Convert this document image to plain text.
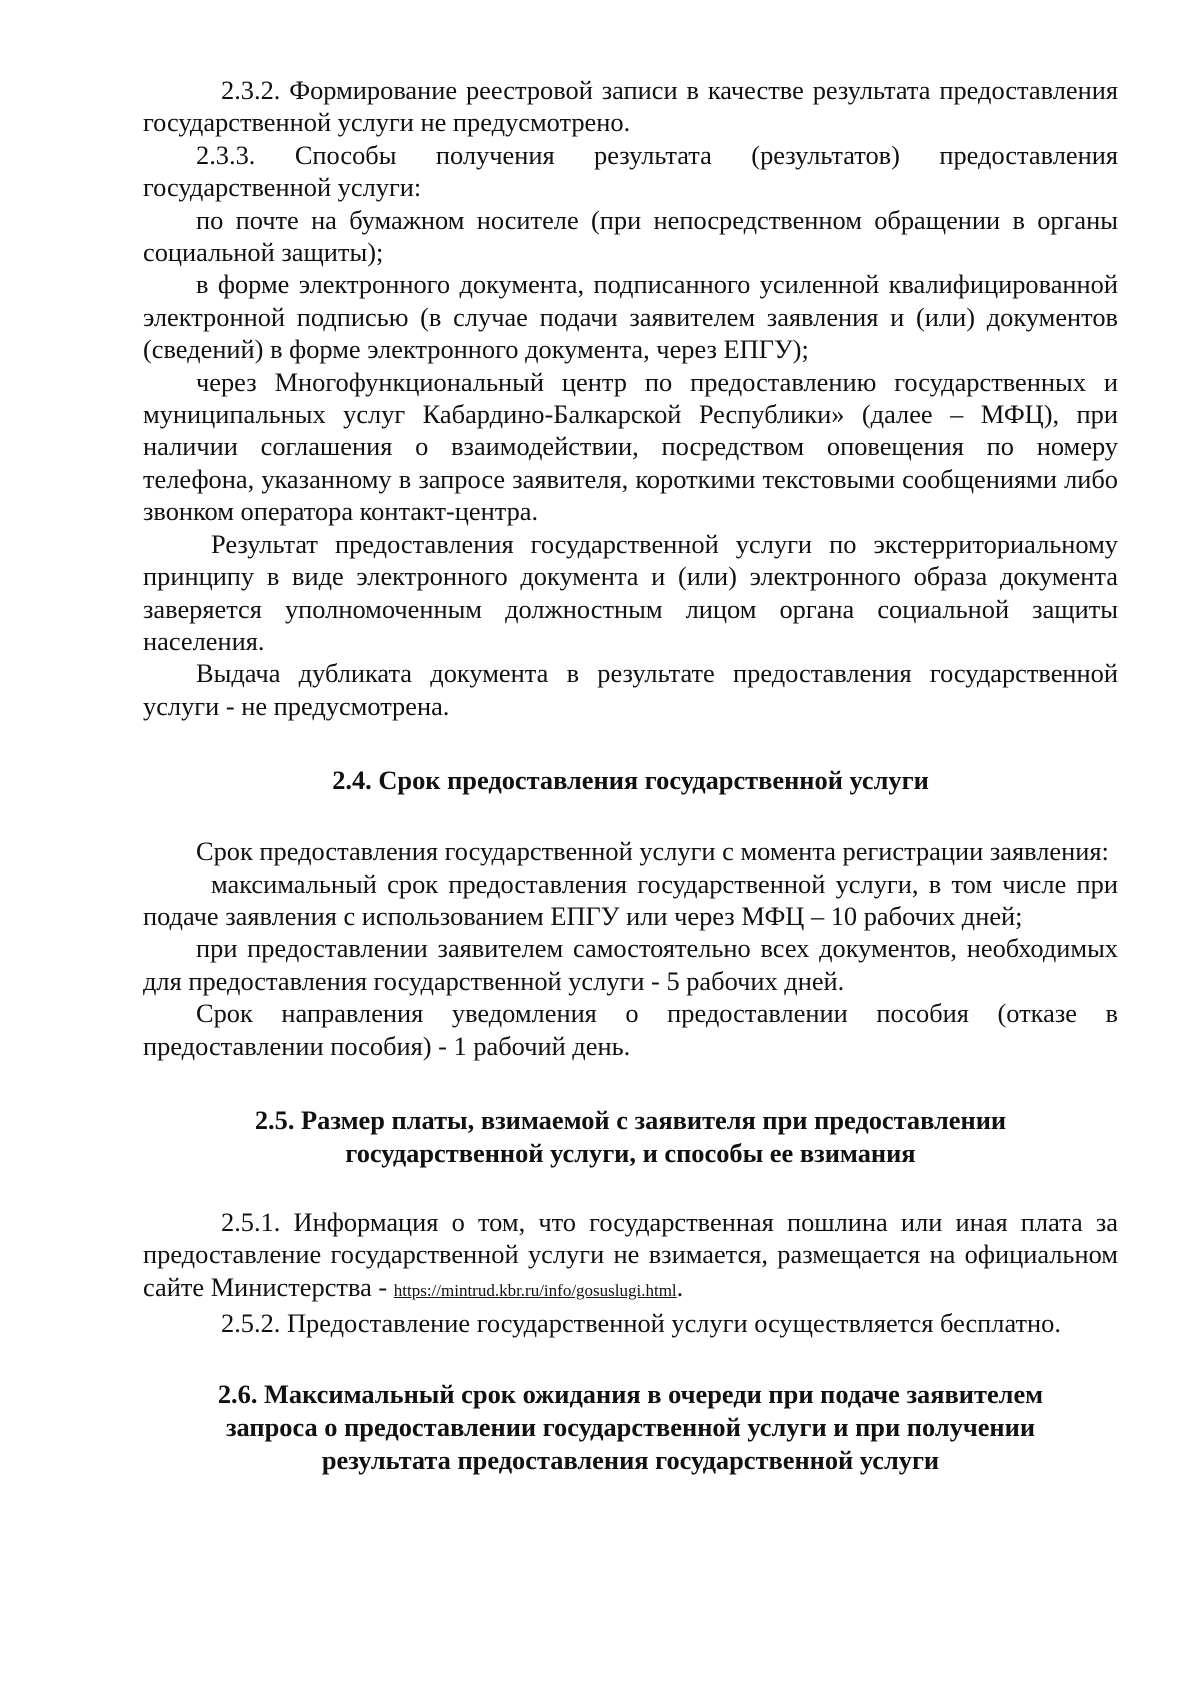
2.3.2. Формирование реестровой записи в качестве результата предоставления государственной услуги не предусмотрено.

2.3.3. Способы получения результата (результатов) предоставления государственной услуги:

по почте на бумажном носителе (при непосредственном обращении в органы социальной защиты);

в форме электронного документа, подписанного усиленной квалифицированной электронной подписью (в случае подачи заявителем заявления и (или) документов (сведений) в форме электронного документа, через ЕПГУ);

через Многофункциональный центр по предоставлению государственных и муниципальных услуг Кабардино-Балкарской Республики» (далее – МФЦ), при наличии соглашения о взаимодействии, посредством оповещения по номеру телефона, указанному в запросе заявителя, короткими текстовыми сообщениями либо звонком оператора контакт-центра.

Результат предоставления государственной услуги по экстерриториальному принципу в виде электронного документа и (или) электронного образа документа заверяется уполномоченным должностным лицом органа социальной защиты населения.

Выдача дубликата документа в результате предоставления государственной услуги - не предусмотрена.

2.4. Срок предоставления государственной услуги

Срок предоставления государственной услуги с момента регистрации заявления:

максимальный срок предоставления государственной услуги, в том числе при подаче заявления с использованием ЕПГУ или через МФЦ – 10 рабочих дней;

при предоставлении заявителем самостоятельно всех документов, необходимых для предоставления государственной услуги - 5 рабочих дней.

Срок направления уведомления о предоставлении пособия (отказе в предоставлении пособия) - 1 рабочий день.

2.5. Размер платы, взимаемой с заявителя при предоставлении
государственной услуги, и способы ее взимания

2.5.1. Информация о том, что государственная пошлина или иная плата за предоставление государственной услуги не взимается, размещается на официальном сайте Министерства - https://mintrud.kbr.ru/info/gosuslugi.html.

2.5.2. Предоставление государственной услуги осуществляется бесплатно.

2.6. Максимальный срок ожидания в очереди при подаче заявителем
запроса о предоставлении государственной услуги и при получении
результата предоставления государственной услуги
